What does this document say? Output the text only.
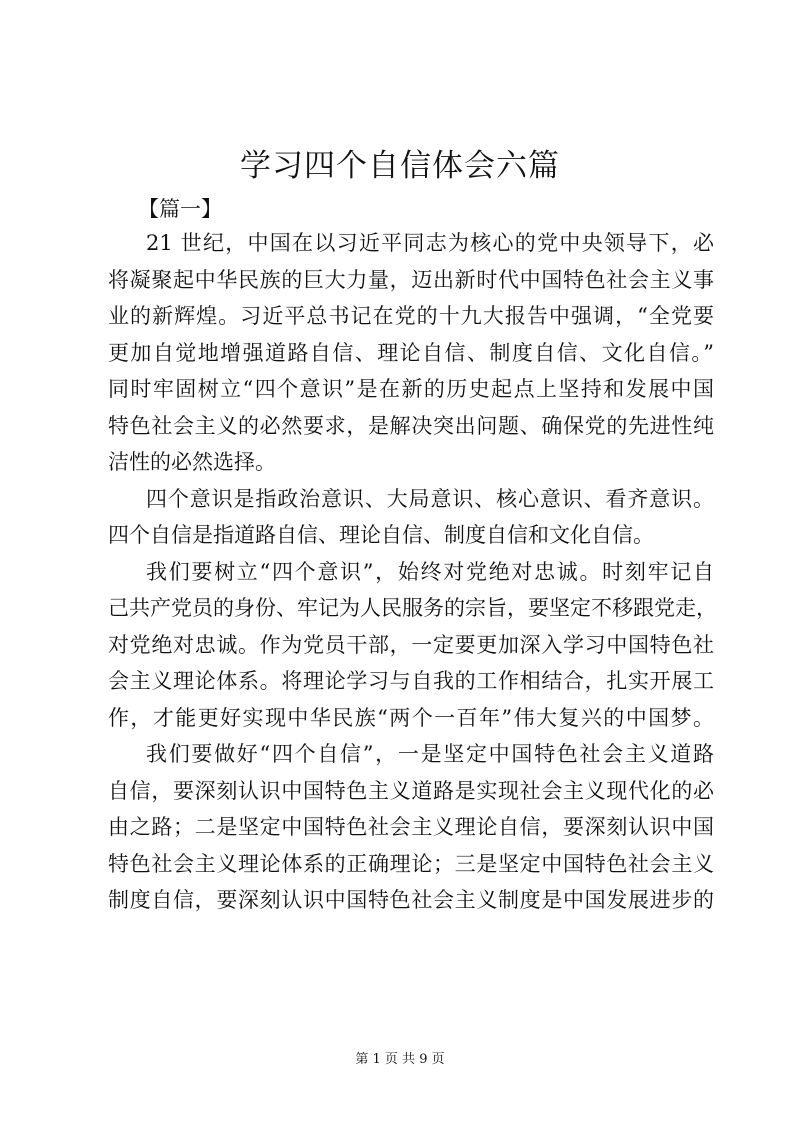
学习四个自信体会六篇
【篇一】
21 世纪，中国在以习近平同志为核心的党中央领导下，必
将凝聚起中华民族的巨大力量，迈出新时代中国特色社会主义事
业的新辉煌。习近平总书记在党的十九大报告中强调，“全党要
更加自觉地增强道路自信、理论自信、制度自信、文化自信。”
同时牢固树立“四个意识”是在新的历史起点上坚持和发展中国
特色社会主义的必然要求，是解决突出问题、确保党的先进性纯
洁性的必然选择。
四个意识是指政治意识、大局意识、核心意识、看齐意识。
四个自信是指道路自信、理论自信、制度自信和文化自信。
我们要树立“四个意识”，始终对党绝对忠诚。时刻牢记自
己共产党员的身份、牢记为人民服务的宗旨，要坚定不移跟党走，
对党绝对忠诚。作为党员干部，一定要更加深入学习中国特色社
会主义理论体系。将理论学习与自我的工作相结合，扎实开展工
作，才能更好实现中华民族“两个一百年”伟大复兴的中国梦。
我们要做好“四个自信”，一是坚定中国特色社会主义道路
自信，要深刻认识中国特色主义道路是实现社会主义现代化的必
由之路；二是坚定中国特色社会主义理论自信，要深刻认识中国
特色社会主义理论体系的正确理论；三是坚定中国特色社会主义
制度自信，要深刻认识中国特色社会主义制度是中国发展进步的
第 1 页 共 9 页
